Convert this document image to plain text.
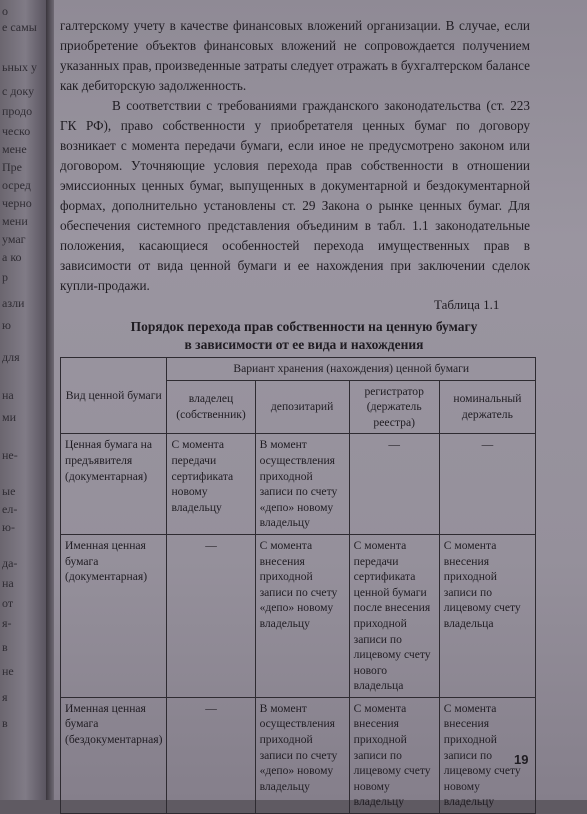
о
е самы
ьных у
с доку
продо
ческо
мене
Пре
осред
черно
мени
умаг
а ко
р
азли
ю
для
на
ми
не-
ые
ел-
ю-
да-
на
от
я-
в
не
я
в

галтерскому учету в качестве финансовых вложений организации. В случае, если приобретение объектов финансовых вложений не сопровождается получением указанных прав, произведенные затраты следует отражать в бухгалтерском балансе как дебиторскую задолженность.

В соответствии с требованиями гражданского законодательства (ст. 223 ГК РФ), право собственности у приобретателя ценных бумаг по договору возникает с момента передачи бумаги, если иное не предусмотрено законом или договором. Уточняющие условия перехода прав собственности в отношении эмиссионных ценных бумаг, выпущенных в документарной и бездокументарной формах, дополнительно установлены ст. 29 Закона о рынке ценных бумаг. Для обеспечения системного представления объединим в табл. 1.1 законодательные положения, касающиеся особенностей перехода имущественных прав в зависимости от вида ценной бумаги и ее нахождения при заключении сделок купли-продажи.

Таблица 1.1
Порядок перехода прав собственности на ценную бумагу
в зависимости от ее вида и нахождения
Вид ценной бумаги	Вариант хранения (нахождения) ценной бумаги			
	владелец (собственник)	депозитарий	регистратор (держатель реестра)	номинальный держатель
Ценная бумага на предъявителя (документарная)	С момента передачи сертификата новому владельцу	В момент осуществления приходной записи по счету «депо» новому владельцу	—	—
Именная ценная бумага (документарная)	—	С момента внесения приходной записи по счету «депо» новому владельцу	С момента передачи сертификата ценной бумаги после внесения приходной записи по лицевому счету нового владельца	С момента внесения приходной записи по лицевому счету владельца
Именная ценная бумага (бездокументарная)	—	В момент осуществления приходной записи по счету «депо» новому владельцу	С момента внесения приходной записи по лицевому счету новому владельцу	С момента внесения приходной записи по лицевому счету новому владельцу
19
